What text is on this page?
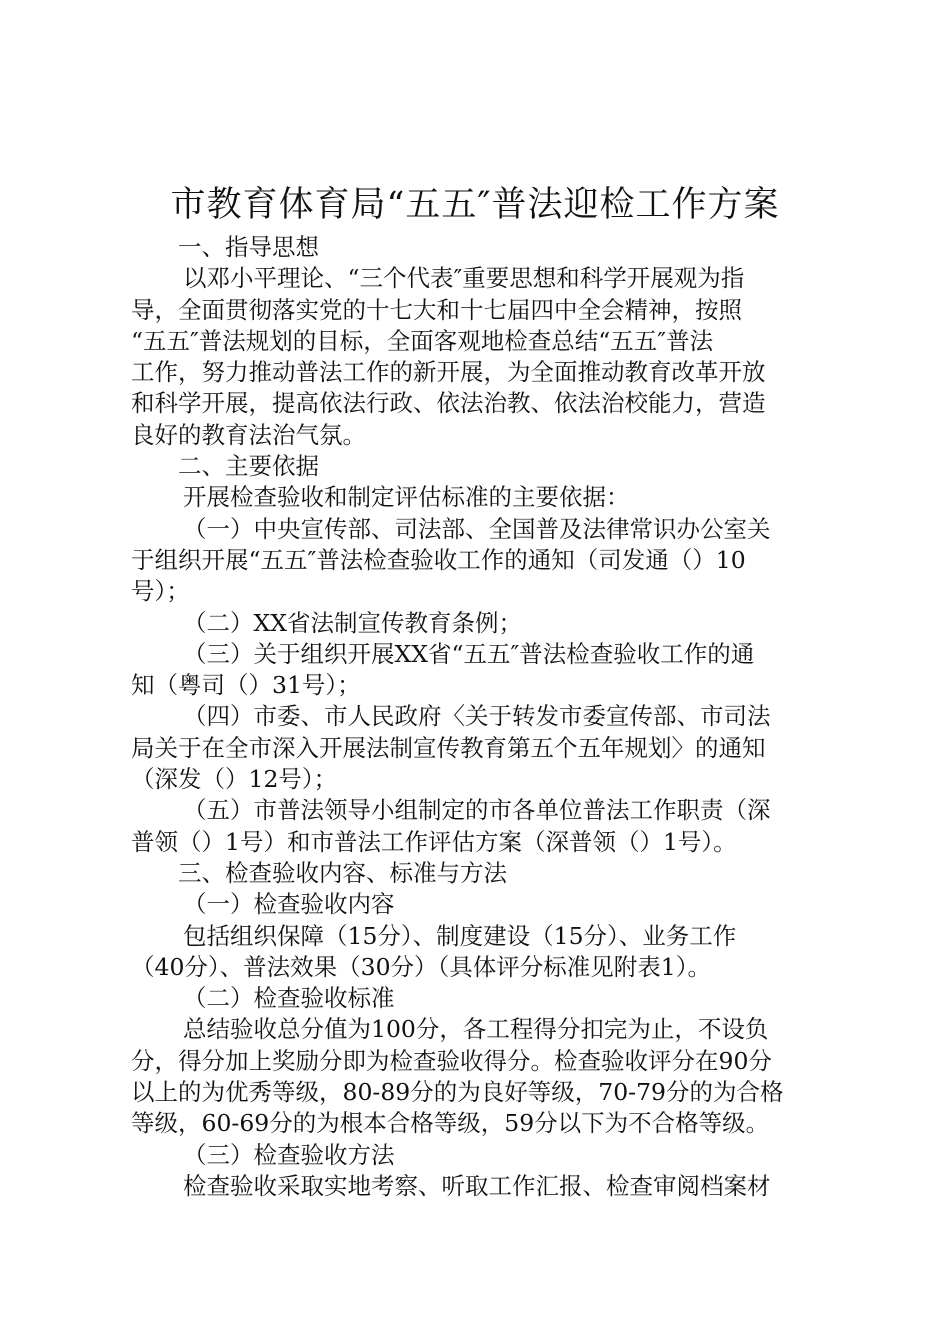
市教育体育局“五五″普法迎检工作方案
一、指导思想
以邓小平理论、“三个代表″重要思想和科学开展观为指
导，全面贯彻落实党的十七大和十七届四中全会精神，按照
“五五″普法规划的目标，全面客观地检查总结“五五″普法
工作，努力推动普法工作的新开展，为全面推动教育改革开放
和科学开展，提高依法行政、依法治教、依法治校能力，营造
良好的教育法治气氛。
二、主要依据
开展检查验收和制定评估标准的主要依据：
（一）中央宣传部、司法部、全国普及法律常识办公室关
于组织开展“五五″普法检查验收工作的通知（司发通（）10
号）；
（二）XX省法制宣传教育条例；
（三）关于组织开展XX省“五五″普法检查验收工作的通
知（粤司（）31号）；
（四）市委、市人民政府〈关于转发市委宣传部、市司法
局关于在全市深入开展法制宣传教育第五个五年规划〉的通知
（深发（）12号）；
（五）市普法领导小组制定的市各单位普法工作职责（深
普领（）1号）和市普法工作评估方案（深普领（）1号）。
三、检查验收内容、标准与方法
（一）检查验收内容
包括组织保障（15分）、制度建设（15分）、业务工作
（40分）、普法效果（30分）（具体评分标准见附表1）。
（二）检查验收标准
总结验收总分值为100分，各工程得分扣完为止，不设负
分，得分加上奖励分即为检查验收得分。检查验收评分在90分
以上的为优秀等级，80-89分的为良好等级，70-79分的为合格
等级，60-69分的为根本合格等级，59分以下为不合格等级。
（三）检查验收方法
检查验收采取实地考察、听取工作汇报、检查审阅档案材
